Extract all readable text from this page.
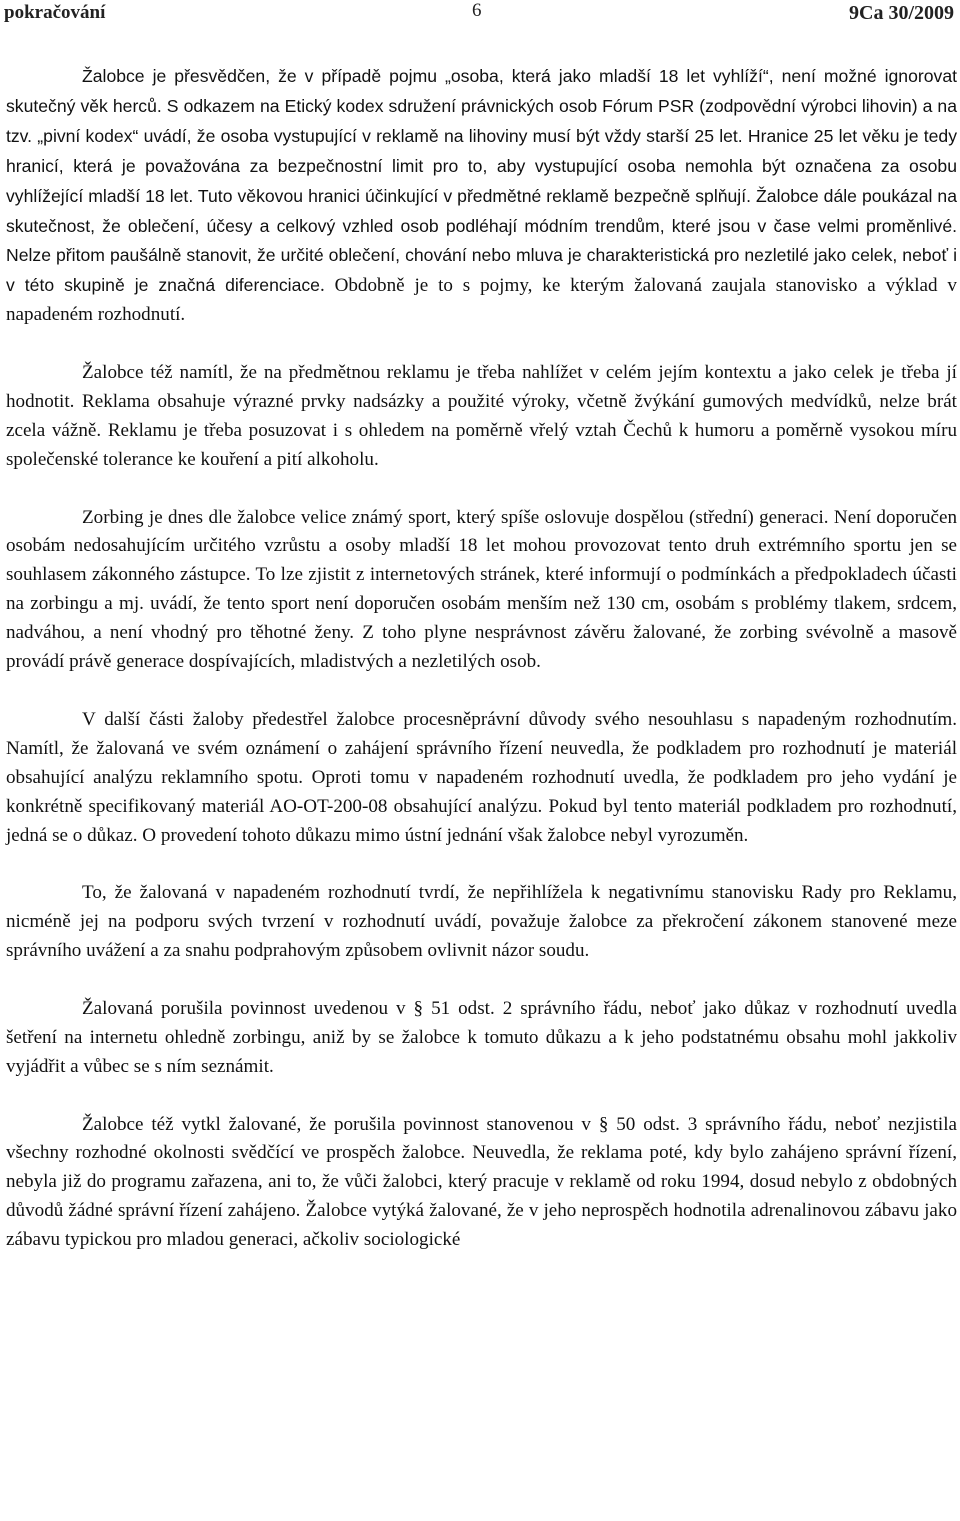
pokračování	6	9Ca 30/2009

Žalobce je přesvědčen, že v případě pojmu „osoba, která jako mladší 18 let vyhlíží“, není možné ignorovat skutečný věk herců. S odkazem na Etický kodex sdružení právnických osob Fórum PSR (zodpovědní výrobci lihovin) a na tzv. „pivní kodex“ uvádí, že osoba vystupující v reklamě na lihoviny musí být vždy starší 25 let. Hranice 25 let věku je tedy hranicí, která je považována za bezpečnostní limit pro to, aby vystupující osoba nemohla být označena za osobu vyhlížející mladší 18 let. Tuto věkovou hranici účinkující v předmětné reklamě bezpečně splňují. Žalobce dále poukázal na skutečnost, že oblečení, účesy a celkový vzhled osob podléhají módním trendům, které jsou v čase velmi proměnlivé. Nelze přitom paušálně stanovit, že určité oblečení, chování nebo mluva je charakteristická pro nezletilé jako celek, neboť i v této skupině je značná diferenciace. Obdobně je to s pojmy, ke kterým žalovaná zaujala stanovisko a výklad v napadeném rozhodnutí.

Žalobce též namítl, že na předmětnou reklamu je třeba nahlížet v celém jejím kontextu a jako celek je třeba jí hodnotit. Reklama obsahuje výrazné prvky nadsázky a použité výroky, včetně žvýkání gumových medvídků, nelze brát zcela vážně. Reklamu je třeba posuzovat i s ohledem na poměrně vřelý vztah Čechů k humoru a poměrně vysokou míru společenské tolerance ke kouření a pití alkoholu.

Zorbing je dnes dle žalobce velice známý sport, který spíše oslovuje dospělou (střední) generaci. Není doporučen osobám nedosahujícím určitého vzrůstu a osoby mladší 18 let mohou provozovat tento druh extrémního sportu jen se souhlasem zákonného zástupce. To lze zjistit z internetových stránek, které informují o podmínkách a předpokladech účasti na zorbingu a mj. uvádí, že tento sport není doporučen osobám menším než 130 cm, osobám s problémy tlakem, srdcem, nadváhou, a není vhodný pro těhotné ženy. Z toho plyne nesprávnost závěru žalované, že zorbing svévolně a masově provádí právě generace dospívajících, mladistvých a nezletilých osob.

V další části žaloby předestřel žalobce procesněprávní důvody svého nesouhlasu s napadeným rozhodnutím. Namítl, že žalovaná ve svém oznámení o zahájení správního řízení neuvedla, že podkladem pro rozhodnutí je materiál obsahující analýzu reklamního spotu. Oproti tomu v napadeném rozhodnutí uvedla, že podkladem pro jeho vydání je konkrétně specifikovaný materiál AO-OT-200-08 obsahující analýzu. Pokud byl tento materiál podkladem pro rozhodnutí, jedná se o důkaz. O provedení tohoto důkazu mimo ústní jednání však žalobce nebyl vyrozuměn.

To, že žalovaná v napadeném rozhodnutí tvrdí, že nepřihlížela k negativnímu stanovisku Rady pro Reklamu, nicméně jej na podporu svých tvrzení v rozhodnutí uvádí, považuje žalobce za překročení zákonem stanovené meze správního uvážení a za snahu podprahovým způsobem ovlivnit názor soudu.

Žalovaná porušila povinnost uvedenou v § 51 odst. 2 správního řádu, neboť jako důkaz v rozhodnutí uvedla šetření na internetu ohledně zorbingu, aniž by se žalobce k tomuto důkazu a k jeho podstatnému obsahu mohl jakkoliv vyjádřit a vůbec se s ním seznámit.

Žalobce též vytkl žalované, že porušila povinnost stanovenou v § 50 odst. 3 správního řádu, neboť nezjistila všechny rozhodné okolnosti svědčící ve prospěch žalobce. Neuvedla, že reklama poté, kdy bylo zahájeno správní řízení, nebyla již do programu zařazena, ani to, že vůči žalobci, který pracuje v reklamě od roku 1994, dosud nebylo z obdobných důvodů žádné správní řízení zahájeno. Žalobce vytýká žalované, že v jeho neprospěch hodnotila adrenalinovou zábavu jako zábavu typickou pro mladou generaci, ačkoliv sociologické
